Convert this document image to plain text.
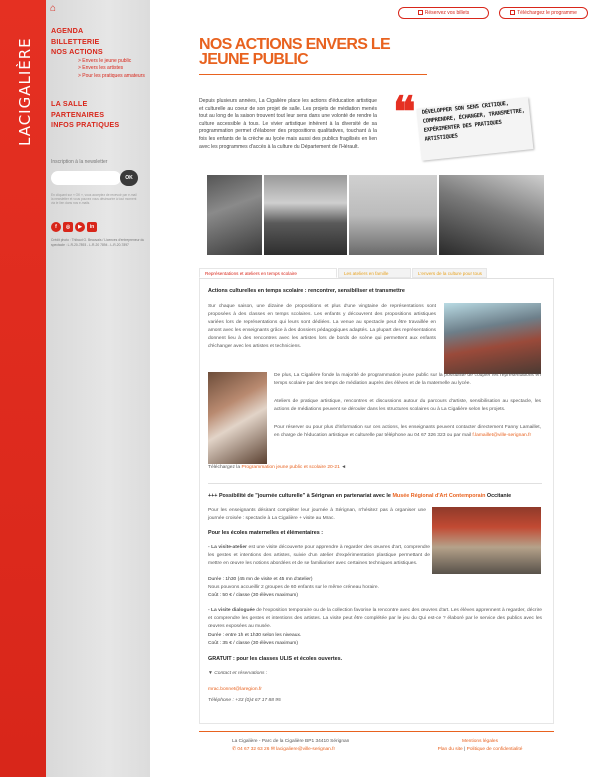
LACIGALIÈRE
⌂
AGENDA
BILLETTERIE
NOS ACTIONS
> Envers le jeune public
> Envers les artistes
> Pour les pratiques amateurs
LA SALLE
PARTENAIRES
INFOS PRATIQUES
Inscription à la newsletter
OK
En cliquant sur « OK », vous acceptez de recevoir par e-mail la newsletter et vous pouvez vous désinscrire à tout moment via le lien dans nos e-mails.
f	◎	▶	in
Crédit photo : Thibaut G. Beauvais / Licences d'entrepreneur du spectacle : L-R-20-7893 - L-R-20 7894 - L-R-20-7897
Réservez vos billets	Téléchargez le programme
NOS ACTIONS ENVERS LE JEUNE PUBLIC

Depuis plusieurs années, La Cigalière place les actions d'éducation artistique et culturelle au coeur de son projet de salle. Les projets de médiation menés tout au long de la saison trouvent tout leur sens dans une volonté de rendre la culture accessible à tous. Le vivier artistique inhérent à la diversité de sa programmation permet d'élaborer des propositions qualitatives, touchant à la fois les enfants de la crèche au lycée mais aussi des publics fragilisés en lien avec les programmes d'accès à la culture du Département de l'Hérault.

❝ DÉVELOPPER SON SENS CRITIQUE, COMPRENDRE, ÉCHANGER, TRANSMETTRE, EXPÉRIMENTER DES PRATIQUES ARTISTIQUES
Représentations et ateliers en temps scolaire	Les ateliers en famille	L'envers de la culture pour tous
Actions culturelles en temps scolaire : rencontrer, sensibiliser et transmettre

Sur chaque saison, une dizaine de propositions et plus d'une vingtaine de représentations sont proposées à des classes en temps scolaires. Les enfants y découvrent des propositions artistiques variées lors de représentations qui leurs sont dédiées. La venue au spectacle peut être travaillée en amont avec les enseignants grâce à des dossiers pédagogiques adaptés. La plupart des représentations donnent lieu à des rencontres avec les artistes lors de bords de scène qui permettent aux enfants d'échanger avec les artistes et techniciens.

De plus, La Cigalière fonde la majorité de programmation jeune public sur la possibilité de coupler les représentations en temps scolaire par des temps de médiation auprès des élèves et de la maternelle au lycée.

Ateliers de pratique artistique, rencontres et discussions autour du parcours d'artiste, sensibilisation au spectacle, les actions de médiations peuvent se dérouler dans les structures scolaires ou à La Cigalière selon les projets.

Pour réserver ou pour plus d'information sur ces actions, les enseignants peuvent contacter directement Fanny Lamaillet, en charge de l'éducation artistique et culturelle par téléphone au 04 67 326 323 ou par mail f.lamaillet@ville-serignan.fr

Téléchargez la Programmation jeune public et scolaire 20-21 ◄

+++ Possibilité de "journée culturelle" à Sérignan en partenariat avec le Musée Régional d'Art Contemporain Occitanie

Pour les enseignants désirant compléter leur journée à Sérignan, n'hésitez pas à organiser une journée croisée : spectacle à La Cigalière + visite au Mrac.

Pour les écoles maternelles et élémentaires :

- La visite-atelier est une visite découverte pour apprendre à regarder des œuvres d'art, comprendre les gestes et intentions des artistes, suivie d'un atelier d'expérimentation plastique permettant de mettre en œuvre les notions abordées et de se familiariser avec certaines techniques artistiques.

Durée : 1h30 (45 mn de visite et 45 mn d'atelier)

Nous pouvons accueillir 2 groupes de 60 enfants sur le même créneau horaire.

Coût : 50 € / classe (30 élèves maximum)

- La visite dialoguée de l'exposition temporaire ou de la collection favorise la rencontre avec des œuvres d'art. Les élèves apprennent à regarder, décrire et comprendre les gestes et intentions des artistes. La visite peut être complétée par le jeu du Qui est-ce ? élaboré par le service des publics avec les œuvres exposées au musée.

Durée : entre 1h et 1h30 selon les niveaux.

Coût : 35 € / classe (30 élèves maximum)

GRATUIT : pour les classes ULIS et écoles ouvertes.

▼ Contact et réservations :

mrac.bonnet@laregion.fr

Téléphone : +33 (0)4 67 17 88 95

La Cigalière - Parc de la Cigalière BP1 34410 Sérignan
✆ 04 67 32 63 26 ✉ lacigaliere@ville-serignan.fr
Mentions légales
Plan du site | Politique de confidentialité
